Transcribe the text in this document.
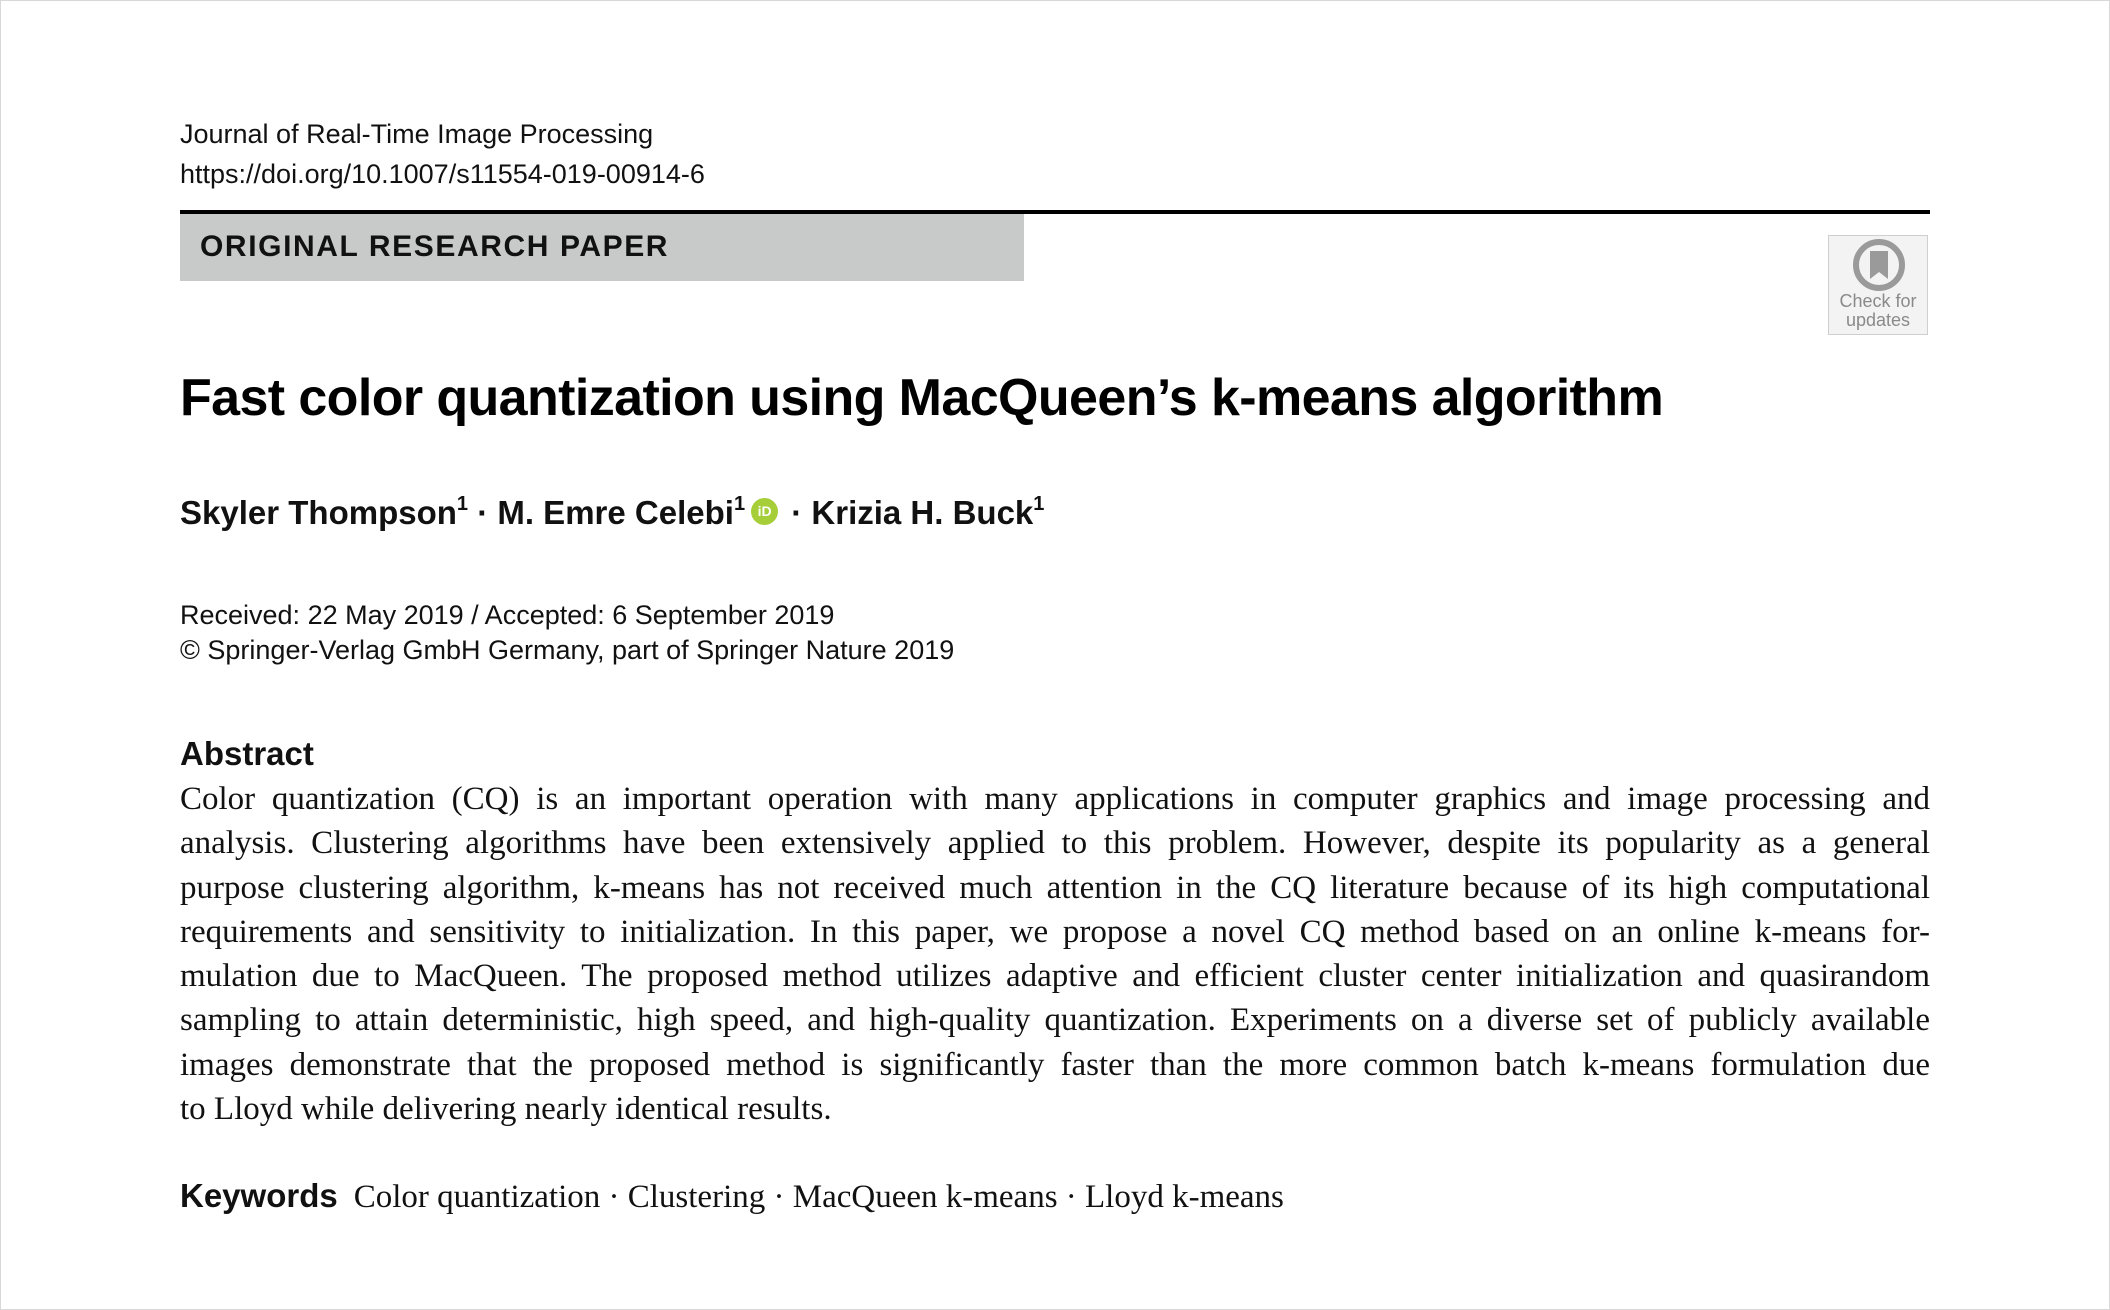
Journal of Real-Time Image Processing
https://doi.org/10.1007/s11554-019-00914-6
ORIGINAL RESEARCH PAPER
Check for
updates
Fast color quantization using MacQueen’s k-means algorithm
Skyler Thompson$^1$ · M. Emre Celebi$^1$ iD · Krizia H. Buck$^1$
Received: 22 May 2019 / Accepted: 6 September 2019
© Springer-Verlag GmbH Germany, part of Springer Nature 2019
Abstract
Color quantization (CQ) is an important operation with many applications in computer graphics and image processing and
analysis. Clustering algorithms have been extensively applied to this problem. However, despite its popularity as a general
purpose clustering algorithm, k-means has not received much attention in the CQ literature because of its high computational
requirements and sensitivity to initialization. In this paper, we propose a novel CQ method based on an online k-means for-
mulation due to MacQueen. The proposed method utilizes adaptive and efficient cluster center initialization and quasirandom
sampling to attain deterministic, high speed, and high-quality quantization. Experiments on a diverse set of publicly available
images demonstrate that the proposed method is significantly faster than the more common batch k-means formulation due
to Lloyd while delivering nearly identical results.
Keywords Color quantization · Clustering · MacQueen k-means · Lloyd k-means
